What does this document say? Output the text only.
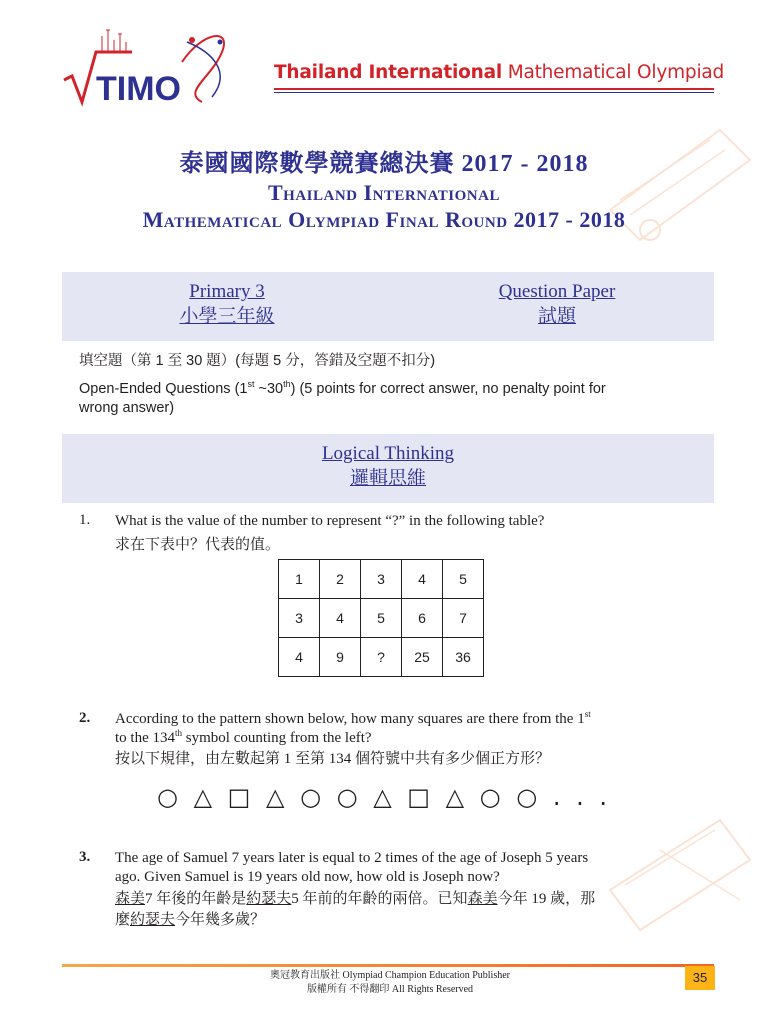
TIMO	Thailand International Mathematical Olympiad
泰國國際數學競賽總決賽 2017 - 2018
Thailand International
Mathematical Olympiad Final Round 2017 - 2018
Primary 3
小學三年級
Question Paper
試題
填空題（第 1 至 30 題）(每題 5 分，答錯及空題不扣分)
Open-Ended Questions (1st ~30th) (5 points for correct answer, no penalty point for
wrong answer)
Logical Thinking
邏輯思維
1. What is the value of the number to represent “?” in the following table?
求在下表中？代表的值。
1	2	3	4	5
3	4	5	6	7
4	9	?	25	36
2. According to the pattern shown below, how many squares are there from the 1st
to the 134th symbol counting from the left?
按以下規律，由左數起第 1 至第 134 個符號中共有多少個正方形？
○ △ □ △ ○ ○ △ □ △ ○ ○ . . .
3. The age of Samuel 7 years later is equal to 2 times of the age of Joseph 5 years
ago. Given Samuel is 19 years old now, how old is Joseph now?
森美7 年後的年齡是約瑟夫5 年前的年齡的兩倍。已知森美今年 19 歲，那
麼約瑟夫今年幾多歲？
奧冠教育出版社 Olympiad Champion Education Publisher
版權所有 不得翻印 All Rights Reserved
35
